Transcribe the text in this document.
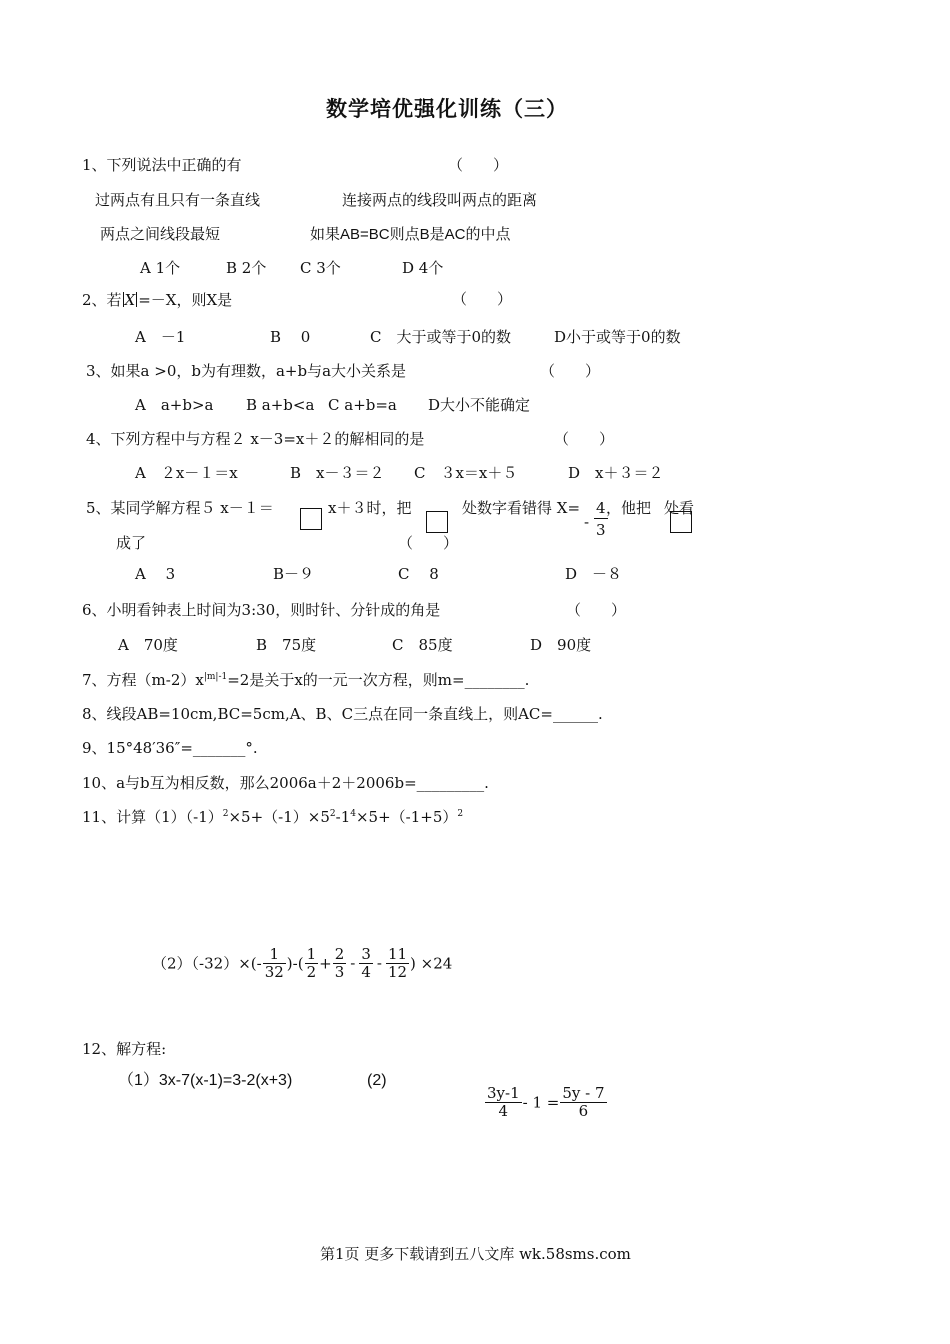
数学培优强化训练（三）
1、下列说法中正确的有	（　　）
过两点有且只有一条直线	连接两点的线段叫两点的距离
两点之间线段最短	如果AB=BC则点B是AC的中点
A 1个	B 2个 C 3个	D 4个
2、若 X =－X，则X是	（　　）
A　－1	B　 0	C　大于或等于0的数	D小于或等于0的数
3、如果a >0，b为有理数，a+b与a大小关系是	（　　）
A　a+b>a B a+b<a C a+b=a D大小不能确定
4、下列方程中与方程２ x－3=x＋２的解相同的是	（　　）
A　２x－１＝x	B　x－３＝２ C　３x＝x＋５	D　x＋３＝２
5、某同学解方程５ x－１＝	x＋３时，把	处数字看错得 X=
- $\frac{4}{3}$
，他把 处看
成了	（　　）
A　 3	B－９	C　 8	D　－８
6、小明看钟表上时间为3:30，则时针、分针成的角是	（　　）
A　70度	B　75度	C　85度	D　90度
7、方程$(m-2)x^{|m|-1}=2$是关于x的一元一次方程，则m=________.
8、线段AB=10cm,BC=5cm,A、B、C三点在同一条直线上，则AC=______.
9、15°48′36″=_______°.
10、a与b互为相反数，那么2006a＋2＋2006b=_________.
11、计算$(1)(-1)^2\times 5+(-1)\times 5^2-1^4\times 5+(-1+5)^2$
$(2)(-32)\times(- \frac{1}{32}$ )-( $\frac{1}{2} + \frac{2}{3} - \frac{3}{4} - \frac{11}{12}$ ) ×24
12、解方程:
（1）3x-7(x-1)=3-2(x+3)	(2)
$\frac{3y-1}{4} - 1 = \frac{5y - 7}{6}$
第1页 更多下载请到五八文库 wk.58sms.com
